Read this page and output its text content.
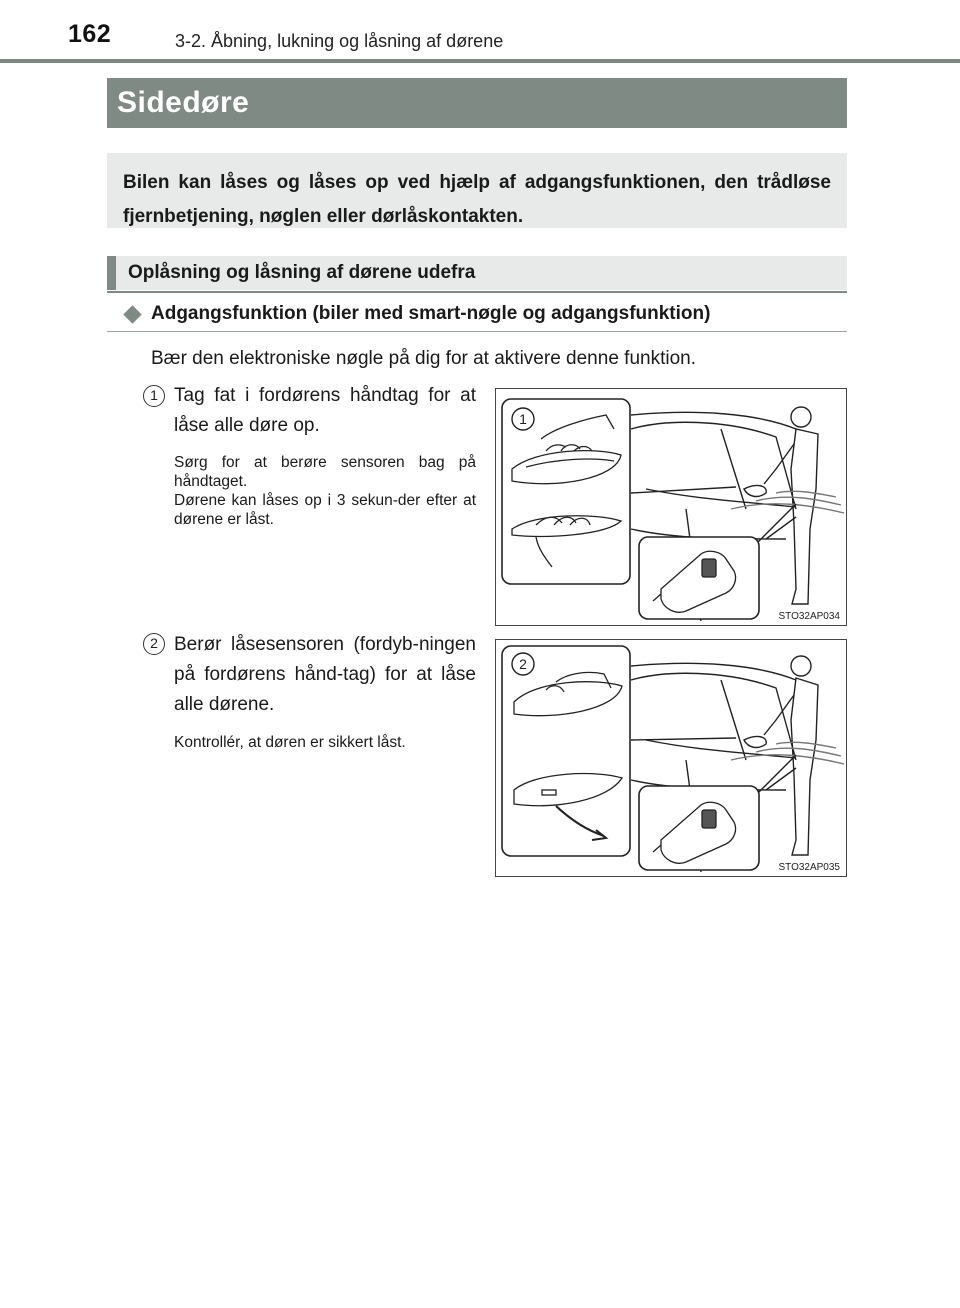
162	3-2. Åbning, lukning og låsning af dørene
Sidedøre
Bilen kan låses og låses op ved hjælp af adgangsfunktionen, den trådløse fjernbetjening, nøglen eller dørlåskontakten.
Oplåsning og låsning af dørene udefra
Adgangsfunktion (biler med smart-nøgle og adgangsfunktion)
Bær den elektroniske nøgle på dig for at aktivere denne funktion.
1 Tag fat i fordørens håndtag for at låse alle døre op.
Sørg for at berøre sensoren bag på håndtaget.
Dørene kan låses op i 3 sekun-der efter at dørene er låst.
1
STO32AP034
2 Berør låsesensoren (fordyb-ningen på fordørens hånd-tag) for at låse alle dørene.
Kontrollér, at døren er sikkert låst.
2
STO32AP035
